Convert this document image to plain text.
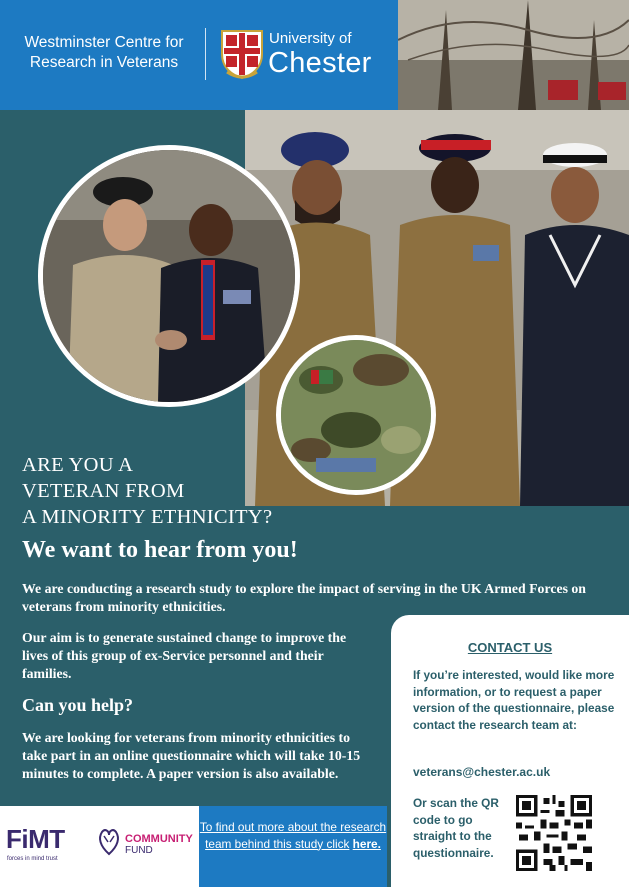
Westminster Centre for
Research in Veterans
University of
Chester
ARE YOU A
VETERAN FROM
A MINORITY ETHNICITY?
We want to hear from you!
We are conducting a research study to explore the impact of serving in the UK Armed Forces on veterans from minority ethnicities.
Our aim is to generate sustained change to improve the lives of this group of ex-Service personnel and their families.
Can you help?
We are looking for veterans from minority ethnicities to take part in an online questionnaire which will take 10-15 minutes to complete. A paper version is also available.
CONTACT US
If you’re interested, would like more information, or to request a paper version of the questionnaire, please contact the research team at:
veterans@chester.ac.uk
Or scan the QR code to go straight to the questionnaire.
FiMT
forces in mind trust
COMMUNITY
FUND
To find out more about the research team behind this study click here.
